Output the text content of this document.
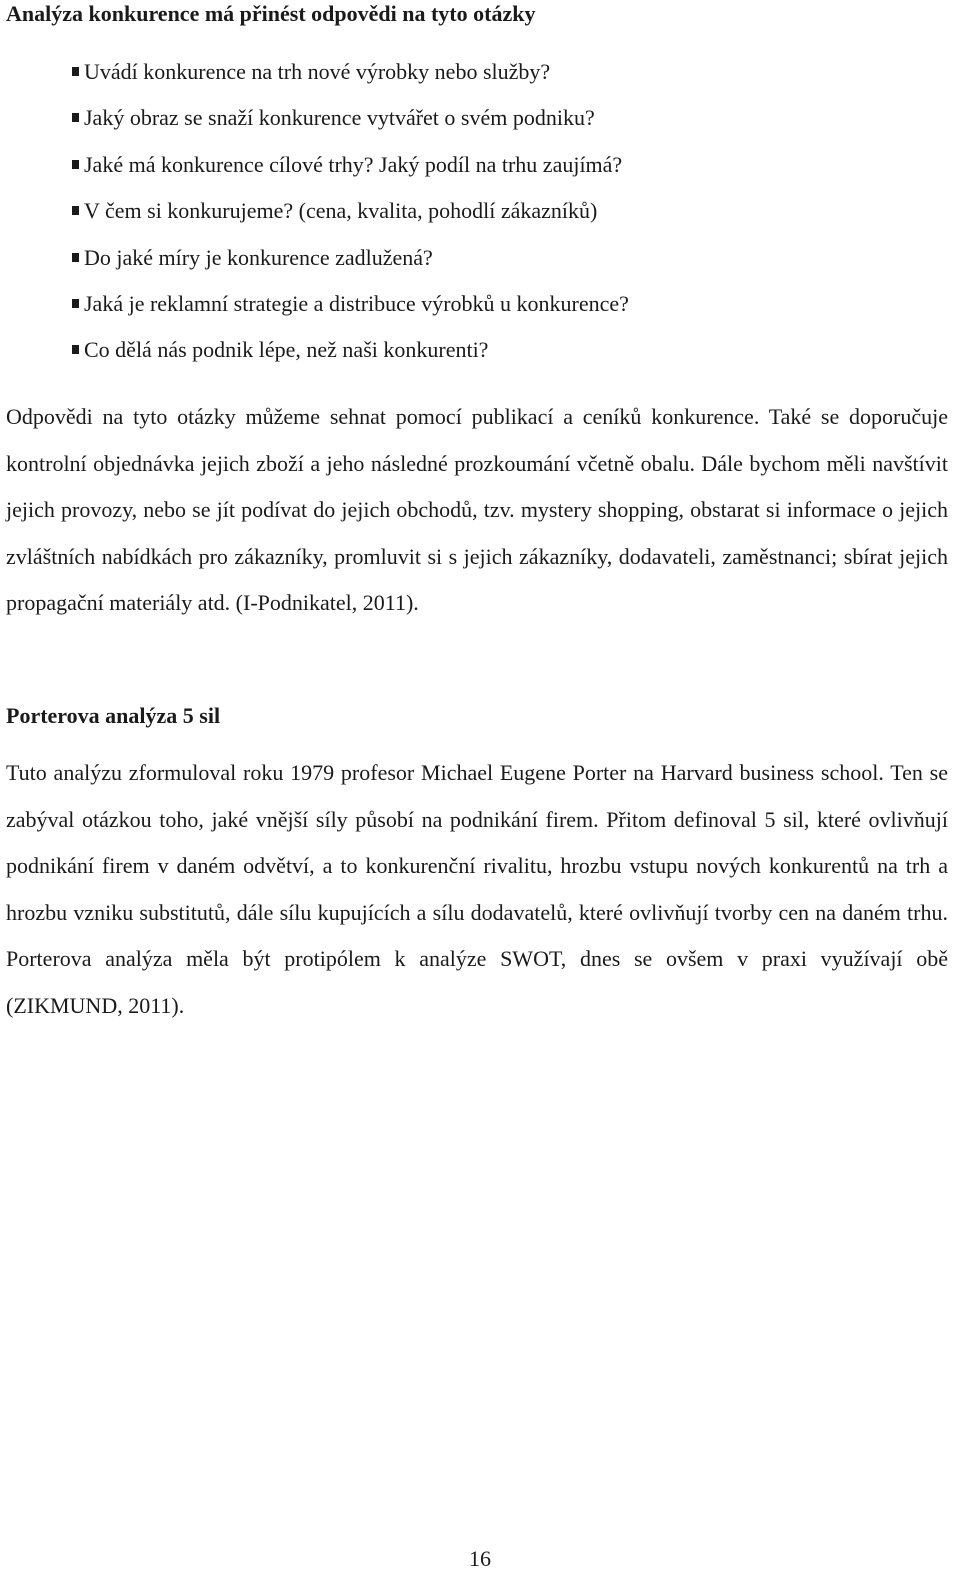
Analýza konkurence má přinést odpovědi na tyto otázky
Uvádí konkurence na trh nové výrobky nebo služby?
Jaký obraz se snaží konkurence vytvářet o svém podniku?
Jaké má konkurence cílové trhy? Jaký podíl na trhu zaujímá?
V čem si konkurujeme? (cena, kvalita, pohodlí zákazníků)
Do jaké míry je konkurence zadlužená?
Jaká je reklamní strategie a distribuce výrobků u konkurence?
Co dělá nás podnik lépe, než naši konkurenti?

Odpovědi na tyto otázky můžeme sehnat pomocí publikací a ceníků konkurence. Také se doporučuje kontrolní objednávka jejich zboží a jeho následné prozkoumání včetně obalu. Dále bychom měli navštívit jejich provozy, nebo se jít podívat do jejich obchodů, tzv. mystery shopping, obstarat si informace o jejich zvláštních nabídkách pro zákazníky, promluvit si s jejich zákazníky, dodavateli, zaměstnanci; sbírat jejich propagační materiály atd. (I-Podnikatel, 2011).

Porterova analýza 5 sil

Tuto analýzu zformuloval roku 1979 profesor Michael Eugene Porter na Harvard business school. Ten se zabýval otázkou toho, jaké vnější síly působí na podnikání firem. Přitom definoval 5 sil, které ovlivňují podnikání firem v daném odvětví, a to konkurenční rivalitu, hrozbu vstupu nových konkurentů na trh a hrozbu vzniku substitutů, dále sílu kupujících a sílu dodavatelů, které ovlivňují tvorby cen na daném trhu. Porterova analýza měla být protipólem k analýze SWOT, dnes se ovšem v praxi využívají obě (ZIKMUND, 2011).

16
